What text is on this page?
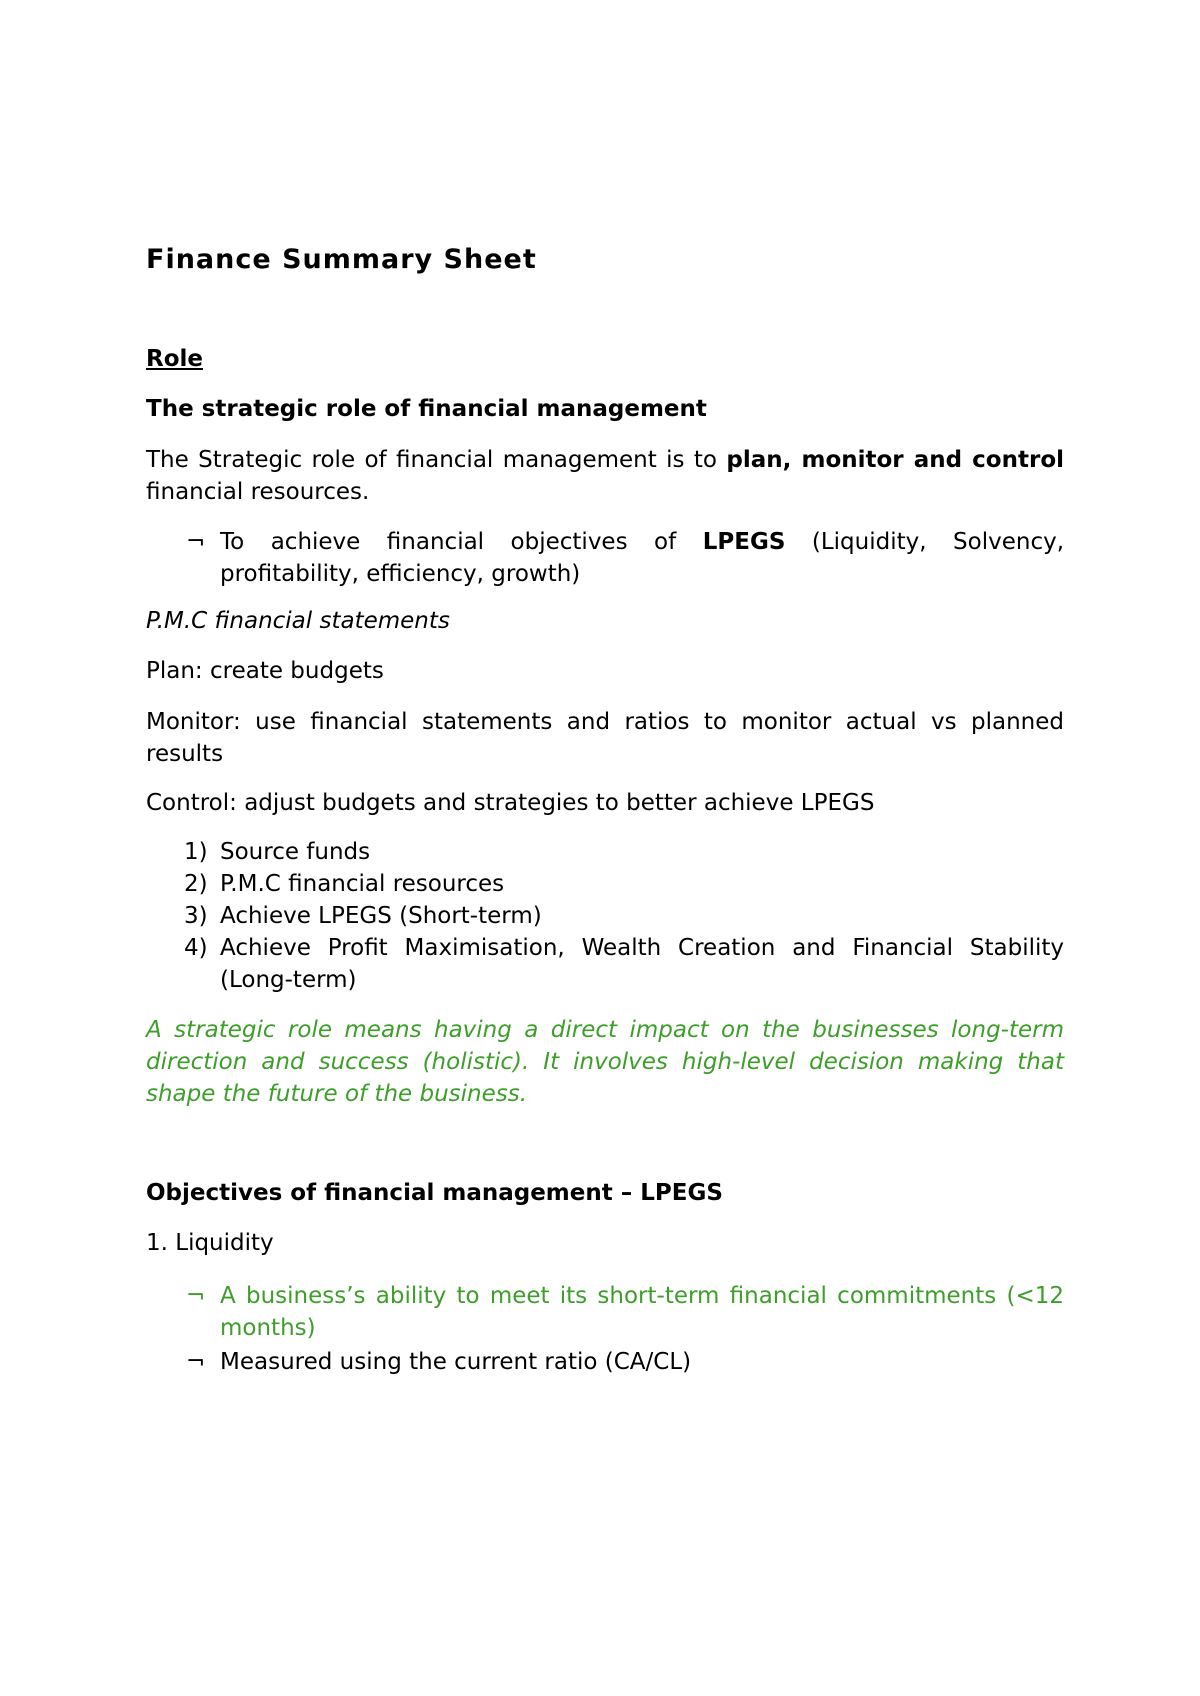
Finance Summary Sheet
Role
The strategic role of financial management
The Strategic role of financial management is to plan, monitor and control financial resources.
¬ To achieve financial objectives of LPEGS (Liquidity, Solvency, profitability, efficiency, growth)
P.M.C financial statements
Plan: create budgets
Monitor: use financial statements and ratios to monitor actual vs planned results
Control: adjust budgets and strategies to better achieve LPEGS
1) Source funds
2) P.M.C financial resources
3) Achieve LPEGS (Short-term)
4) Achieve Profit Maximisation, Wealth Creation and Financial Stability (Long-term)
A strategic role means having a direct impact on the businesses long-term direction and success (holistic). It involves high-level decision making that shape the future of the business.
Objectives of financial management – LPEGS
1. Liquidity
¬ A business’s ability to meet its short-term financial commitments (<12 months)
¬ Measured using the current ratio (CA/CL)
